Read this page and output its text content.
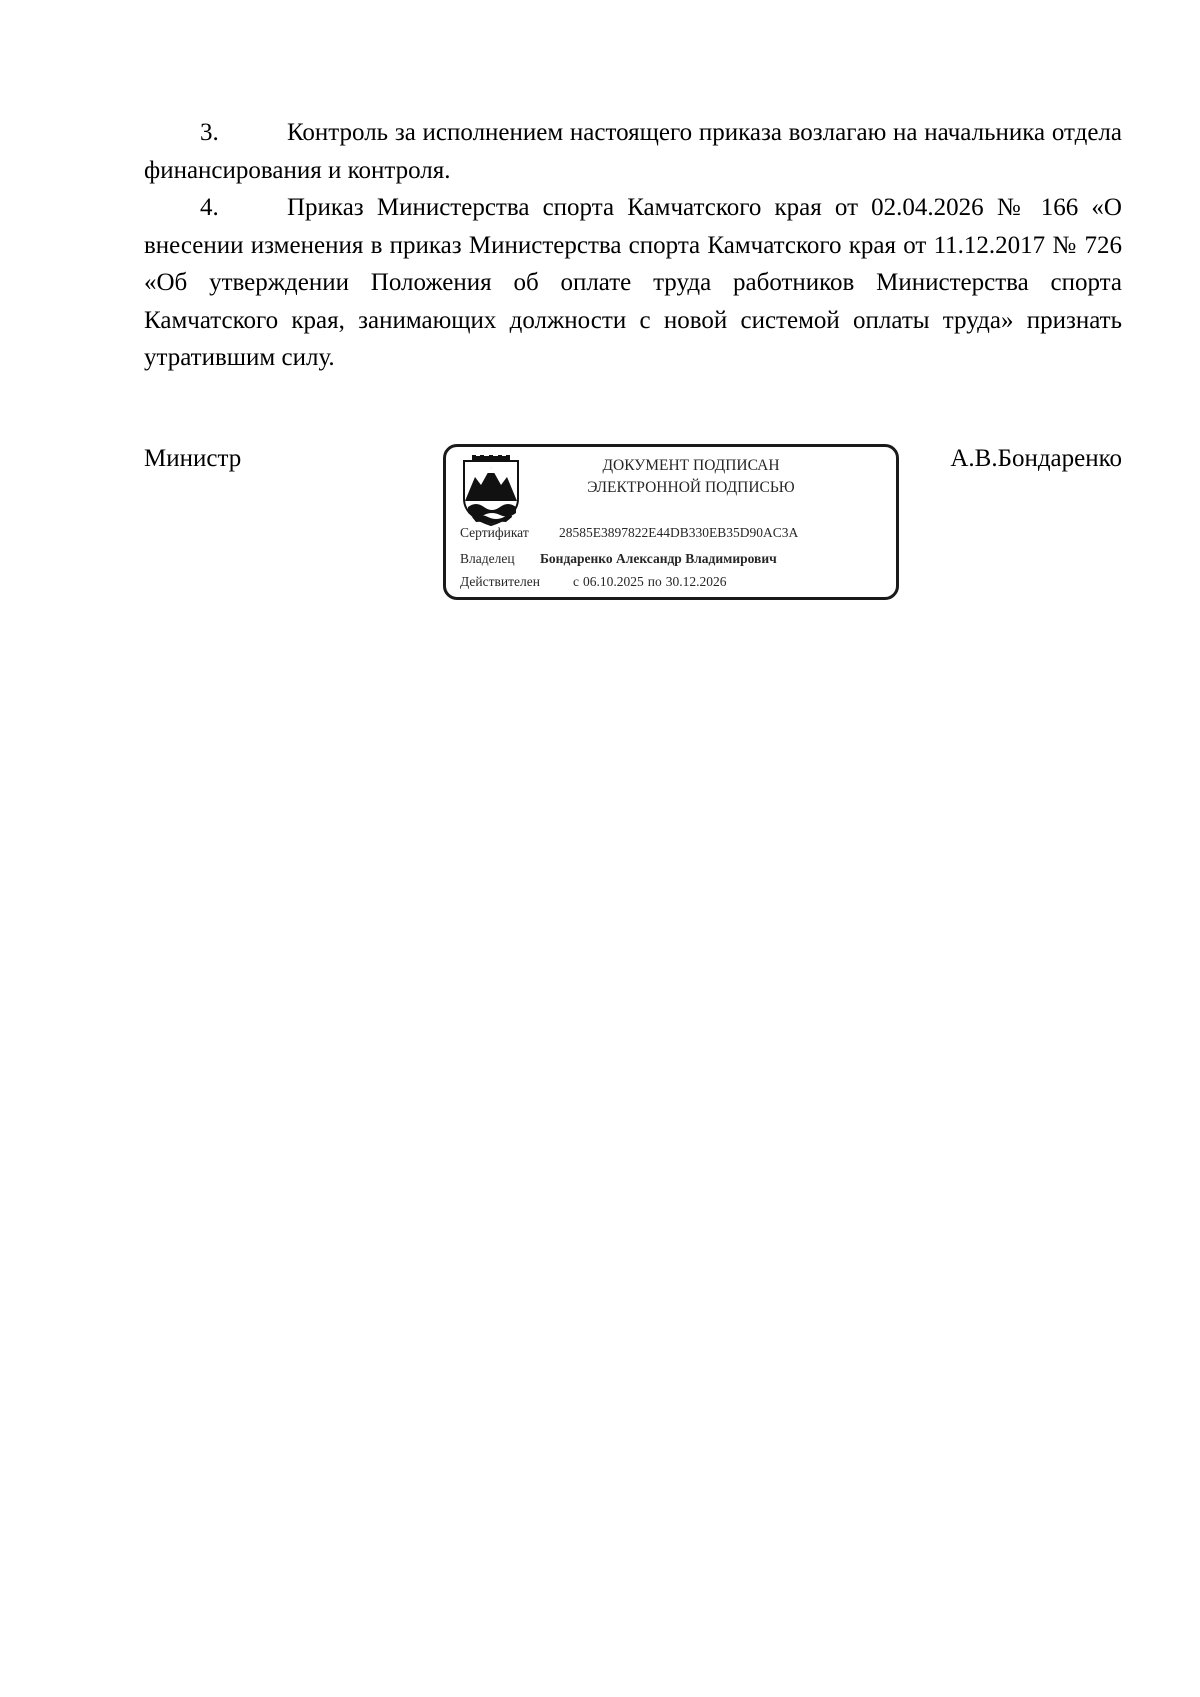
3.	Контроль за исполнением настоящего приказа возлагаю на начальника отдела финансирования и контроля.

4.	Приказ Министерства спорта Камчатского края от 02.04.2026 № 166 «О внесении изменения в приказ Министерства спорта Камчатского края от 11.12.2017 № 726 «Об утверждении Положения об оплате труда работников Министерства спорта Камчатского края, занимающих должности с новой системой оплаты труда» признать утратившим силу.

Министр	ДОКУМЕНТ ПОДПИСАН
ЭЛЕКТРОННОЙ ПОДПИСЬЮ

Сертификат 28585E3897822E44DB330EB35D90AC3A

Владелец Бондаренко Александр Владимирович

Действителен с 06.10.2025 по 30.12.2026

А.В.Бондаренко
